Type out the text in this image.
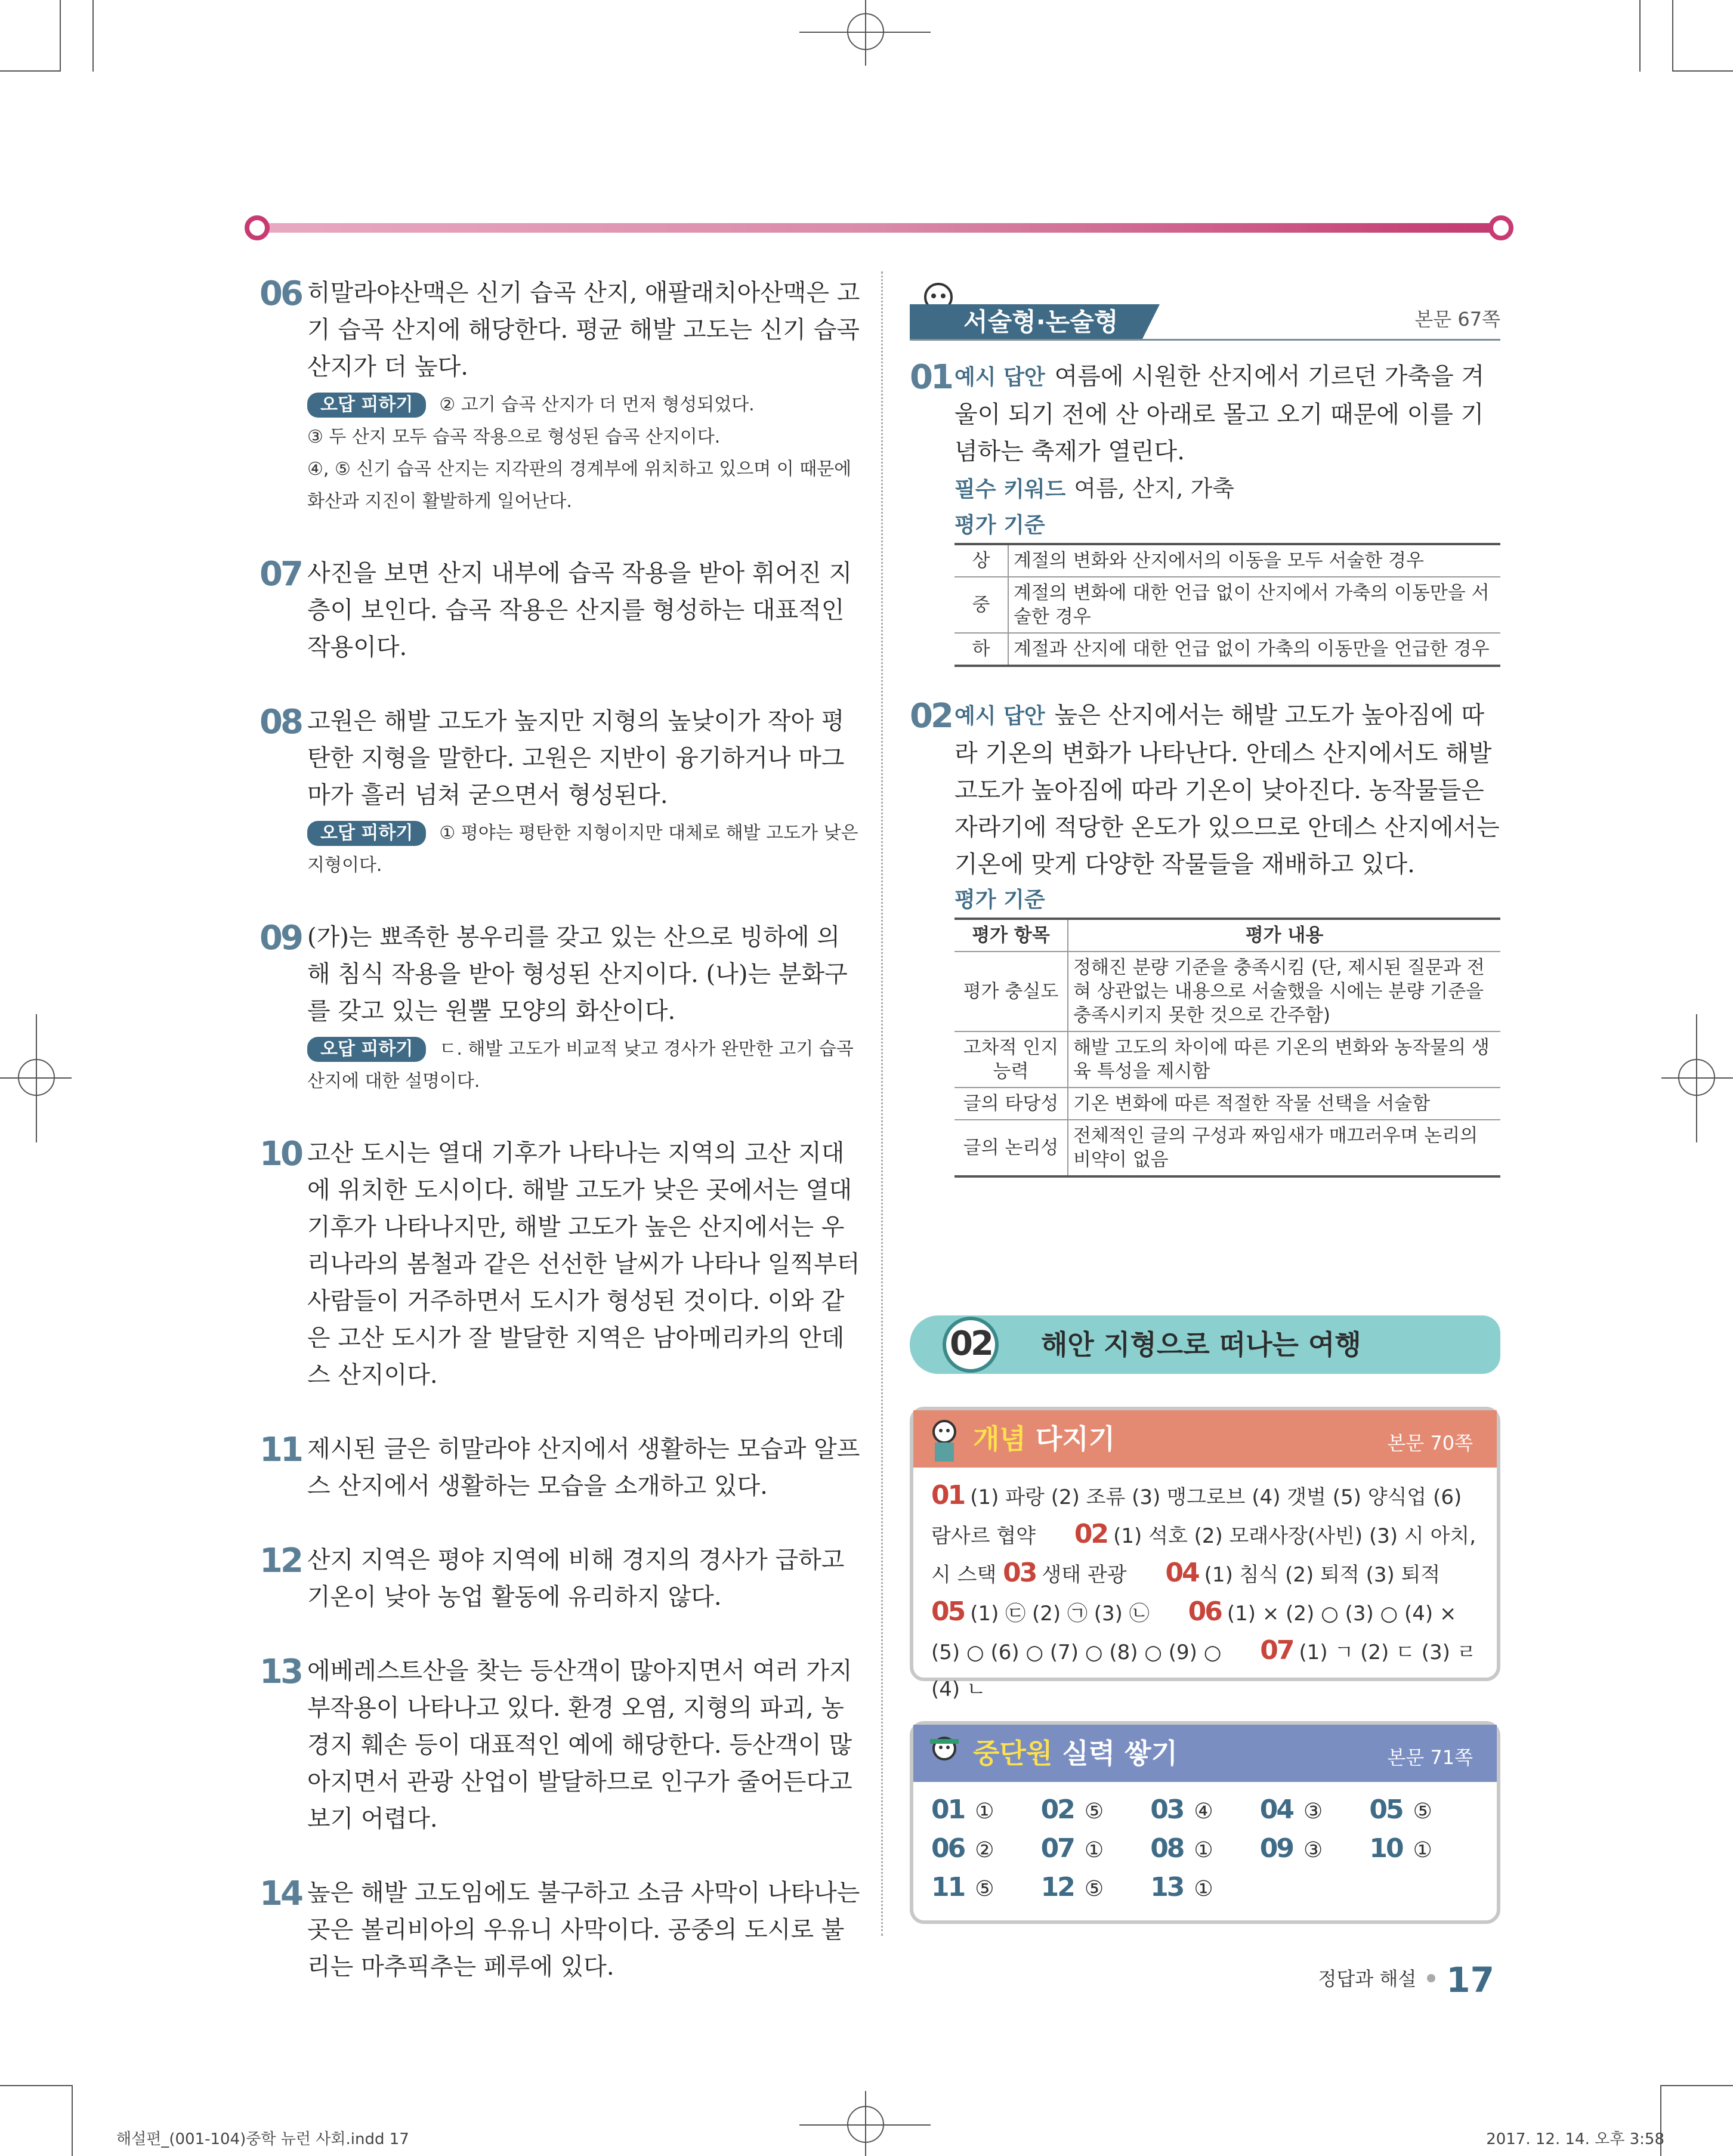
06 히말라야산맥은 신기 습곡 산지, 애팔래치아산맥은 고기 습곡 산지에 해당한다. 평균 해발 고도는 신기 습곡 산지가 더 높다.
오답 피하기 ② 고기 습곡 산지가 더 먼저 형성되었다.
③ 두 산지 모두 습곡 작용으로 형성된 습곡 산지이다.
④, ⑤ 신기 습곡 산지는 지각판의 경계부에 위치하고 있으며 이 때문에 화산과 지진이 활발하게 일어난다.
07 사진을 보면 산지 내부에 습곡 작용을 받아 휘어진 지층이 보인다. 습곡 작용은 산지를 형성하는 대표적인 작용이다.
08 고원은 해발 고도가 높지만 지형의 높낮이가 작아 평탄한 지형을 말한다. 고원은 지반이 융기하거나 마그마가 흘러 넘쳐 굳으면서 형성된다.
오답 피하기 ① 평야는 평탄한 지형이지만 대체로 해발 고도가 낮은 지형이다.
09 (가)는 뾰족한 봉우리를 갖고 있는 산으로 빙하에 의해 침식 작용을 받아 형성된 산지이다. (나)는 분화구를 갖고 있는 원뿔 모양의 화산이다.
오답 피하기 ㄷ. 해발 고도가 비교적 낮고 경사가 완만한 고기 습곡 산지에 대한 설명이다.
10 고산 도시는 열대 기후가 나타나는 지역의 고산 지대에 위치한 도시이다. 해발 고도가 낮은 곳에서는 열대 기후가 나타나지만, 해발 고도가 높은 산지에서는 우리나라의 봄철과 같은 선선한 날씨가 나타나 일찍부터 사람들이 거주하면서 도시가 형성된 것이다. 이와 같은 고산 도시가 잘 발달한 지역은 남아메리카의 안데스 산지이다.
11 제시된 글은 히말라야 산지에서 생활하는 모습과 알프스 산지에서 생활하는 모습을 소개하고 있다.
12 산지 지역은 평야 지역에 비해 경지의 경사가 급하고 기온이 낮아 농업 활동에 유리하지 않다.
13 에베레스트산을 찾는 등산객이 많아지면서 여러 가지 부작용이 나타나고 있다. 환경 오염, 지형의 파괴, 농경지 훼손 등이 대표적인 예에 해당한다. 등산객이 많아지면서 관광 산업이 발달하므로 인구가 줄어든다고 보기 어렵다.
14 높은 해발 고도임에도 불구하고 소금 사막이 나타나는 곳은 볼리비아의 우유니 사막이다. 공중의 도시로 불리는 마추픽추는 페루에 있다.
서술형·논술형	본문 67쪽
01 예시 답안 여름에 시원한 산지에서 기르던 가축을 겨울이 되기 전에 산 아래로 몰고 오기 때문에 이를 기념하는 축제가 열린다.
필수 키워드 여름, 산지, 가축
평가 기준
상	계절의 변화와 산지에서의 이동을 모두 서술한 경우
중	계절의 변화에 대한 언급 없이 산지에서 가축의 이동만을 서술한 경우
하	계절과 산지에 대한 언급 없이 가축의 이동만을 언급한 경우
02 예시 답안 높은 산지에서는 해발 고도가 높아짐에 따라 기온의 변화가 나타난다. 안데스 산지에서도 해발 고도가 높아짐에 따라 기온이 낮아진다. 농작물들은 자라기에 적당한 온도가 있으므로 안데스 산지에서는 기온에 맞게 다양한 작물들을 재배하고 있다.
평가 기준
평가 항목	평가 내용
평가 충실도	정해진 분량 기준을 충족시킴 (단, 제시된 질문과 전혀 상관없는 내용으로 서술했을 시에는 분량 기준을 충족시키지 못한 것으로 간주함)
고차적 인지 능력	해발 고도의 차이에 따른 기온의 변화와 농작물의 생육 특성을 제시함
글의 타당성	기온 변화에 따른 적절한 작물 선택을 서술함
글의 논리성	전체적인 글의 구성과 짜임새가 매끄러우며 논리의 비약이 없음
02 해안 지형으로 떠나는 여행
개념 다지기	본문 70쪽
01 (1) 파랑 (2) 조류 (3) 맹그로브 (4) 갯벌 (5) 양식업 (6) 람사르 협약 02 (1) 석호 (2) 모래사장(사빈) (3) 시 아치, 시 스택 03 생태 관광 04 (1) 침식 (2) 퇴적 (3) 퇴적      05 (1) ㉢ (2) ㉠ (3) ㉡ 06 (1) × (2) ○ (3) ○ (4) × (5) ○ (6) ○ (7) ○ (8) ○ (9) ○ 07 (1) ㄱ (2) ㄷ (3) ㄹ (4) ㄴ
중단원 실력 쌓기	본문 71쪽
01 ①	02 ⑤	03 ④	04 ③	05 ⑤
06 ②	07 ①	08 ①	09 ③	10 ①
11 ⑤	12 ⑤	13 ①
정답과 해설 17
해설편_(001-104)중학 뉴런 사회.indd 17	2017. 12. 14. 오후 3:58
